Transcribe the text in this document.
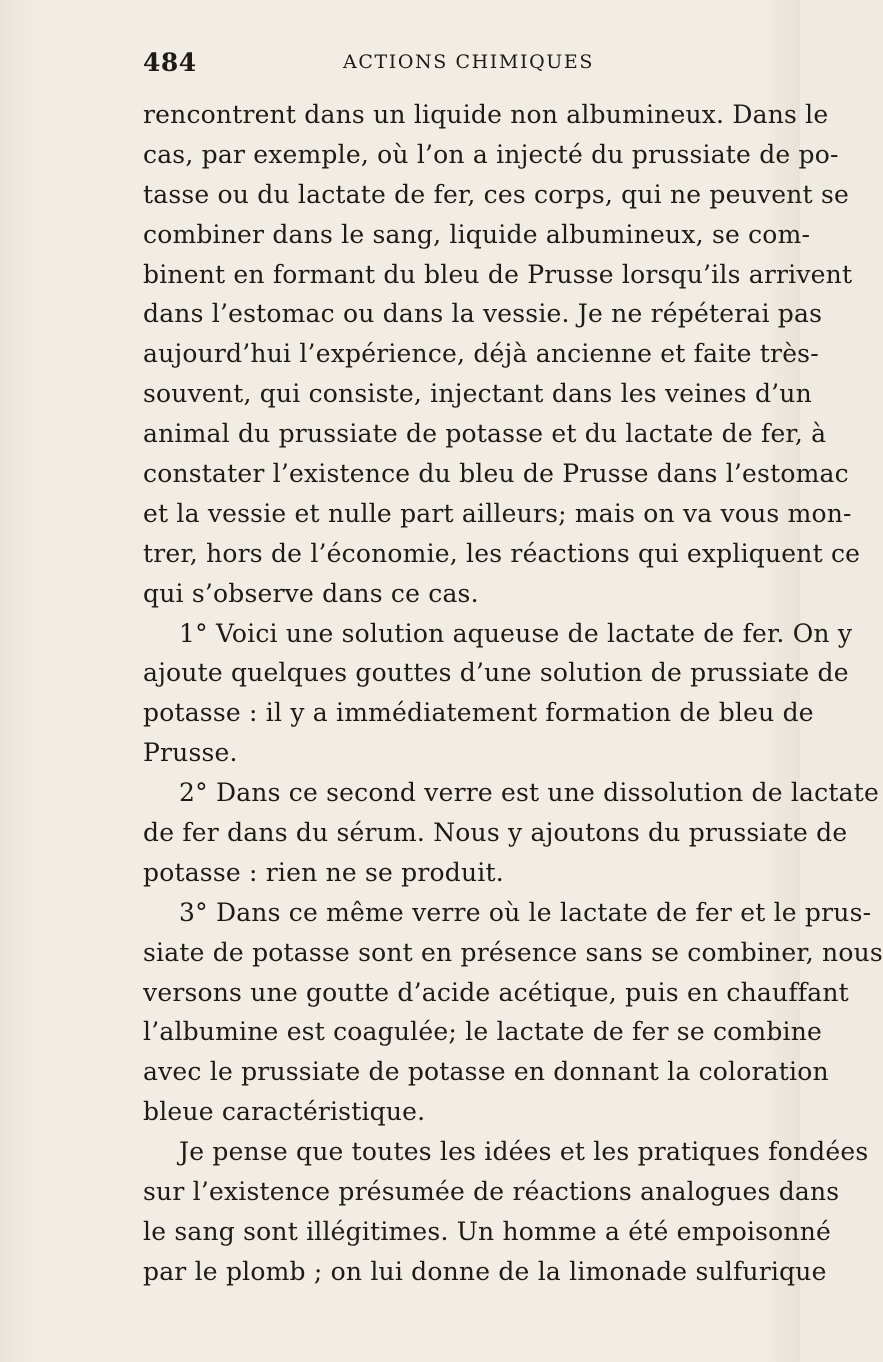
484	ACTIONS CHIMIQUES
rencontrent dans un liquide non albumineux. Dans le
cas, par exemple, où l’on a injecté du prussiate de po-
tasse ou du lactate de fer, ces corps, qui ne peuvent se
combiner dans le sang, liquide albumineux, se com-
binent en formant du bleu de Prusse lorsqu’ils arrivent
dans l’estomac ou dans la vessie. Je ne répéterai pas
aujourd’hui l’expérience, déjà ancienne et faite très-
souvent, qui consiste, injectant dans les veines d’un
animal du prussiate de potasse et du lactate de fer, à
constater l’existence du bleu de Prusse dans l’estomac
et la vessie et nulle part ailleurs; mais on va vous mon-
trer, hors de l’économie, les réactions qui expliquent ce
qui s’observe dans ce cas.
1° Voici une solution aqueuse de lactate de fer. On y
ajoute quelques gouttes d’une solution de prussiate de
potasse : il y a immédiatement formation de bleu de
Prusse.
2° Dans ce second verre est une dissolution de lactate
de fer dans du sérum. Nous y ajoutons du prussiate de
potasse : rien ne se produit.
3° Dans ce même verre où le lactate de fer et le prus-
siate de potasse sont en présence sans se combiner, nous
versons une goutte d’acide acétique, puis en chauffant
l’albumine est coagulée; le lactate de fer se combine
avec le prussiate de potasse en donnant la coloration
bleue caractéristique.
Je pense que toutes les idées et les pratiques fondées
sur l’existence présumée de réactions analogues dans
le sang sont illégitimes. Un homme a été empoisonné
par le plomb ; on lui donne de la limonade sulfurique
